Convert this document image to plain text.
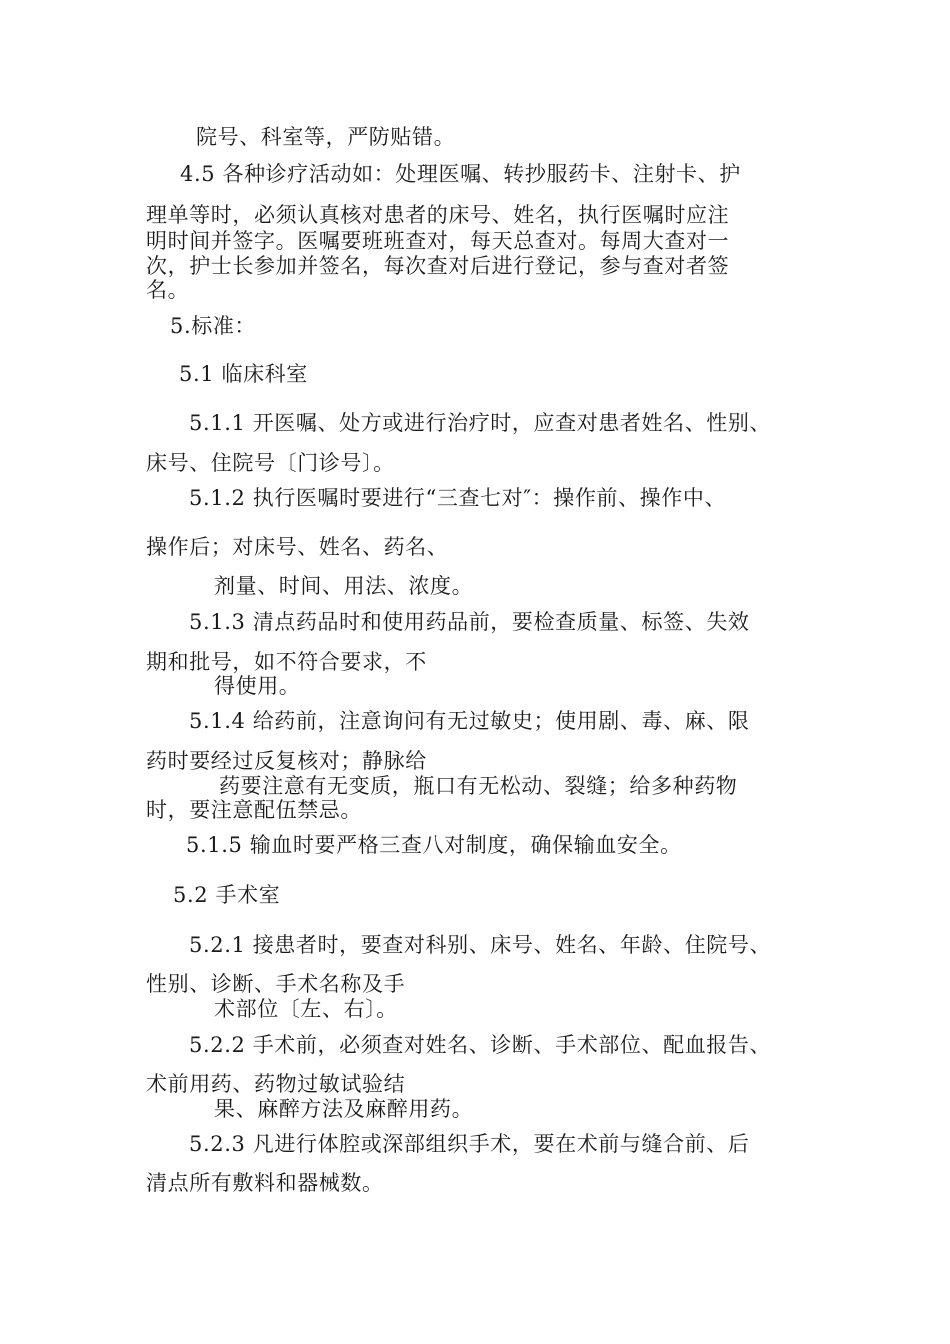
院号、科室等，严防贴错。
4.5 各种诊疗活动如：处理医嘱、转抄服药卡、注射卡、护
理单等时，必须认真核对患者的床号、姓名，执行医嘱时应注
明时间并签字。医嘱要班班查对，每天总查对。每周大查对一
次，护士长参加并签名，每次查对后进行登记，参与查对者签
名。
5.标准：
5.1 临床科室
5.1.1 开医嘱、处方或进行治疗时，应查对患者姓名、性别、
床号、住院号〔门诊号〕。
5.1.2 执行医嘱时要进行“三查七对″：操作前、操作中、
操作后；对床号、姓名、药名、
剂量、时间、用法、浓度。
5.1.3 清点药品时和使用药品前，要检查质量、标签、失效
期和批号，如不符合要求，不
得使用。
5.1.4 给药前，注意询问有无过敏史；使用剧、毒、麻、限
药时要经过反复核对；静脉给
药要注意有无变质，瓶口有无松动、裂缝；给多种药物
时，要注意配伍禁忌。
5.1.5 输血时要严格三查八对制度，确保输血安全。
5.2 手术室
5.2.1 接患者时，要查对科别、床号、姓名、年龄、住院号、
性别、诊断、手术名称及手
术部位〔左、右〕。
5.2.2 手术前，必须查对姓名、诊断、手术部位、配血报告、
术前用药、药物过敏试验结
果、麻醉方法及麻醉用药。
5.2.3 凡进行体腔或深部组织手术，要在术前与缝合前、后
清点所有敷料和器械数。
